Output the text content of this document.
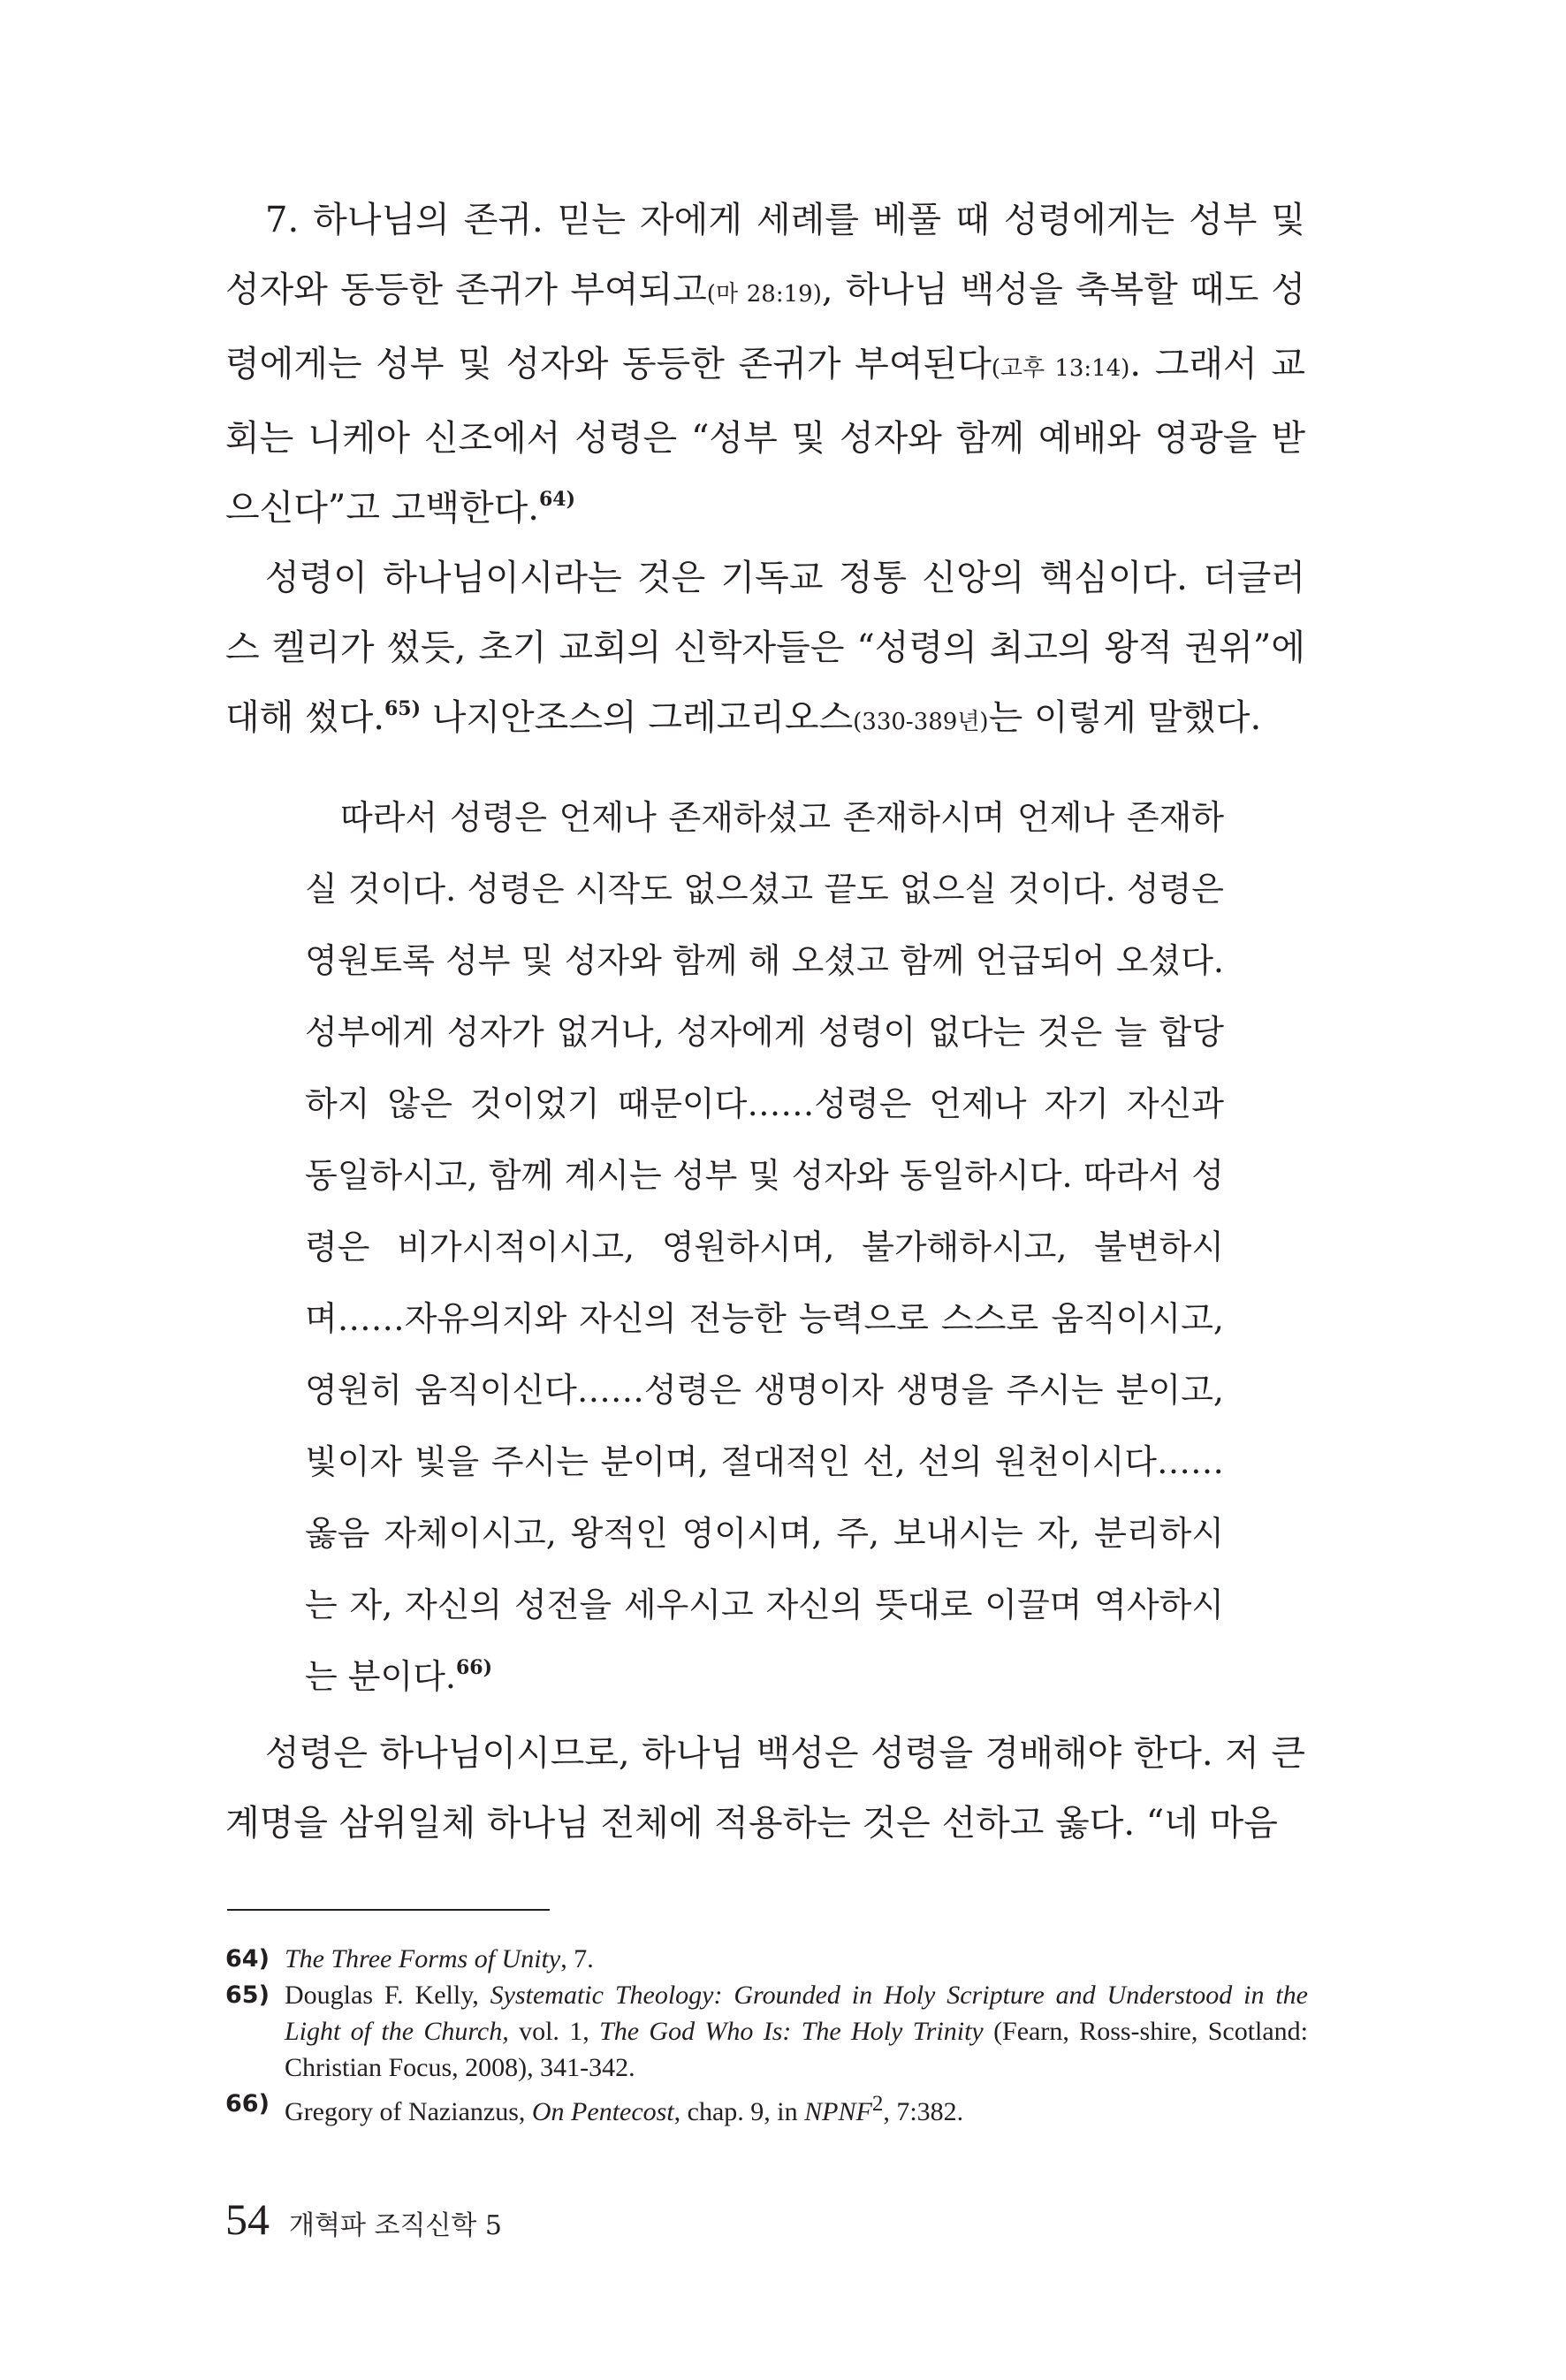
7. 하나님의 존귀. 믿는 자에게 세례를 베풀 때 성령에게는 성부 및 성자와 동등한 존귀가 부여되고(마 28:19), 하나님 백성을 축복할 때도 성령에게는 성부 및 성자와 동등한 존귀가 부여된다(고후 13:14). 그래서 교회는 니케아 신조에서 성령은 “성부 및 성자와 함께 예배와 영광을 받으신다”고 고백한다.$^{64)}$

성령이 하나님이시라는 것은 기독교 정통 신앙의 핵심이다. 더글러스 켈리가 썼듯, 초기 교회의 신학자들은 “성령의 최고의 왕적 권위”에 대해 썼다.$^{65)}$ 나지안조스의 그레고리오스(330-389년)는 이렇게 말했다.

따라서 성령은 언제나 존재하셨고 존재하시며 언제나 존재하실 것이다. 성령은 시작도 없으셨고 끝도 없으실 것이다. 성령은 영원토록 성부 및 성자와 함께 해 오셨고 함께 언급되어 오셨다. 성부에게 성자가 없거나, 성자에게 성령이 없다는 것은 늘 합당하지 않은 것이었기 때문이다……성령은 언제나 자기 자신과 동일하시고, 함께 계시는 성부 및 성자와 동일하시다. 따라서 성령은 비가시적이시고, 영원하시며, 불가해하시고, 불변하시며……자유의지와 자신의 전능한 능력으로 스스로 움직이시고, 영원히 움직이신다……성령은 생명이자 생명을 주시는 분이고, 빛이자 빛을 주시는 분이며, 절대적인 선, 선의 원천이시다……옳음 자체이시고, 왕적인 영이시며, 주, 보내시는 자, 분리하시는 자, 자신의 성전을 세우시고 자신의 뜻대로 이끌며 역사하시는 분이다.$^{66)}$

성령은 하나님이시므로, 하나님 백성은 성령을 경배해야 한다. 저 큰 계명을 삼위일체 하나님 전체에 적용하는 것은 선하고 옳다. “네 마음

64) The Three Forms of Unity, 7.
65) Douglas F. Kelly, Systematic Theology: Grounded in Holy Scripture and Understood in the Light of the Church, vol. 1, The God Who Is: The Holy Trinity (Fearn, Ross-shire, Scotland: Christian Focus, 2008), 341-342.
66) Gregory of Nazianzus, On Pentecost, chap. 9, in NPNF$^2$, 7:382.
54 개혁파 조직신학 5
